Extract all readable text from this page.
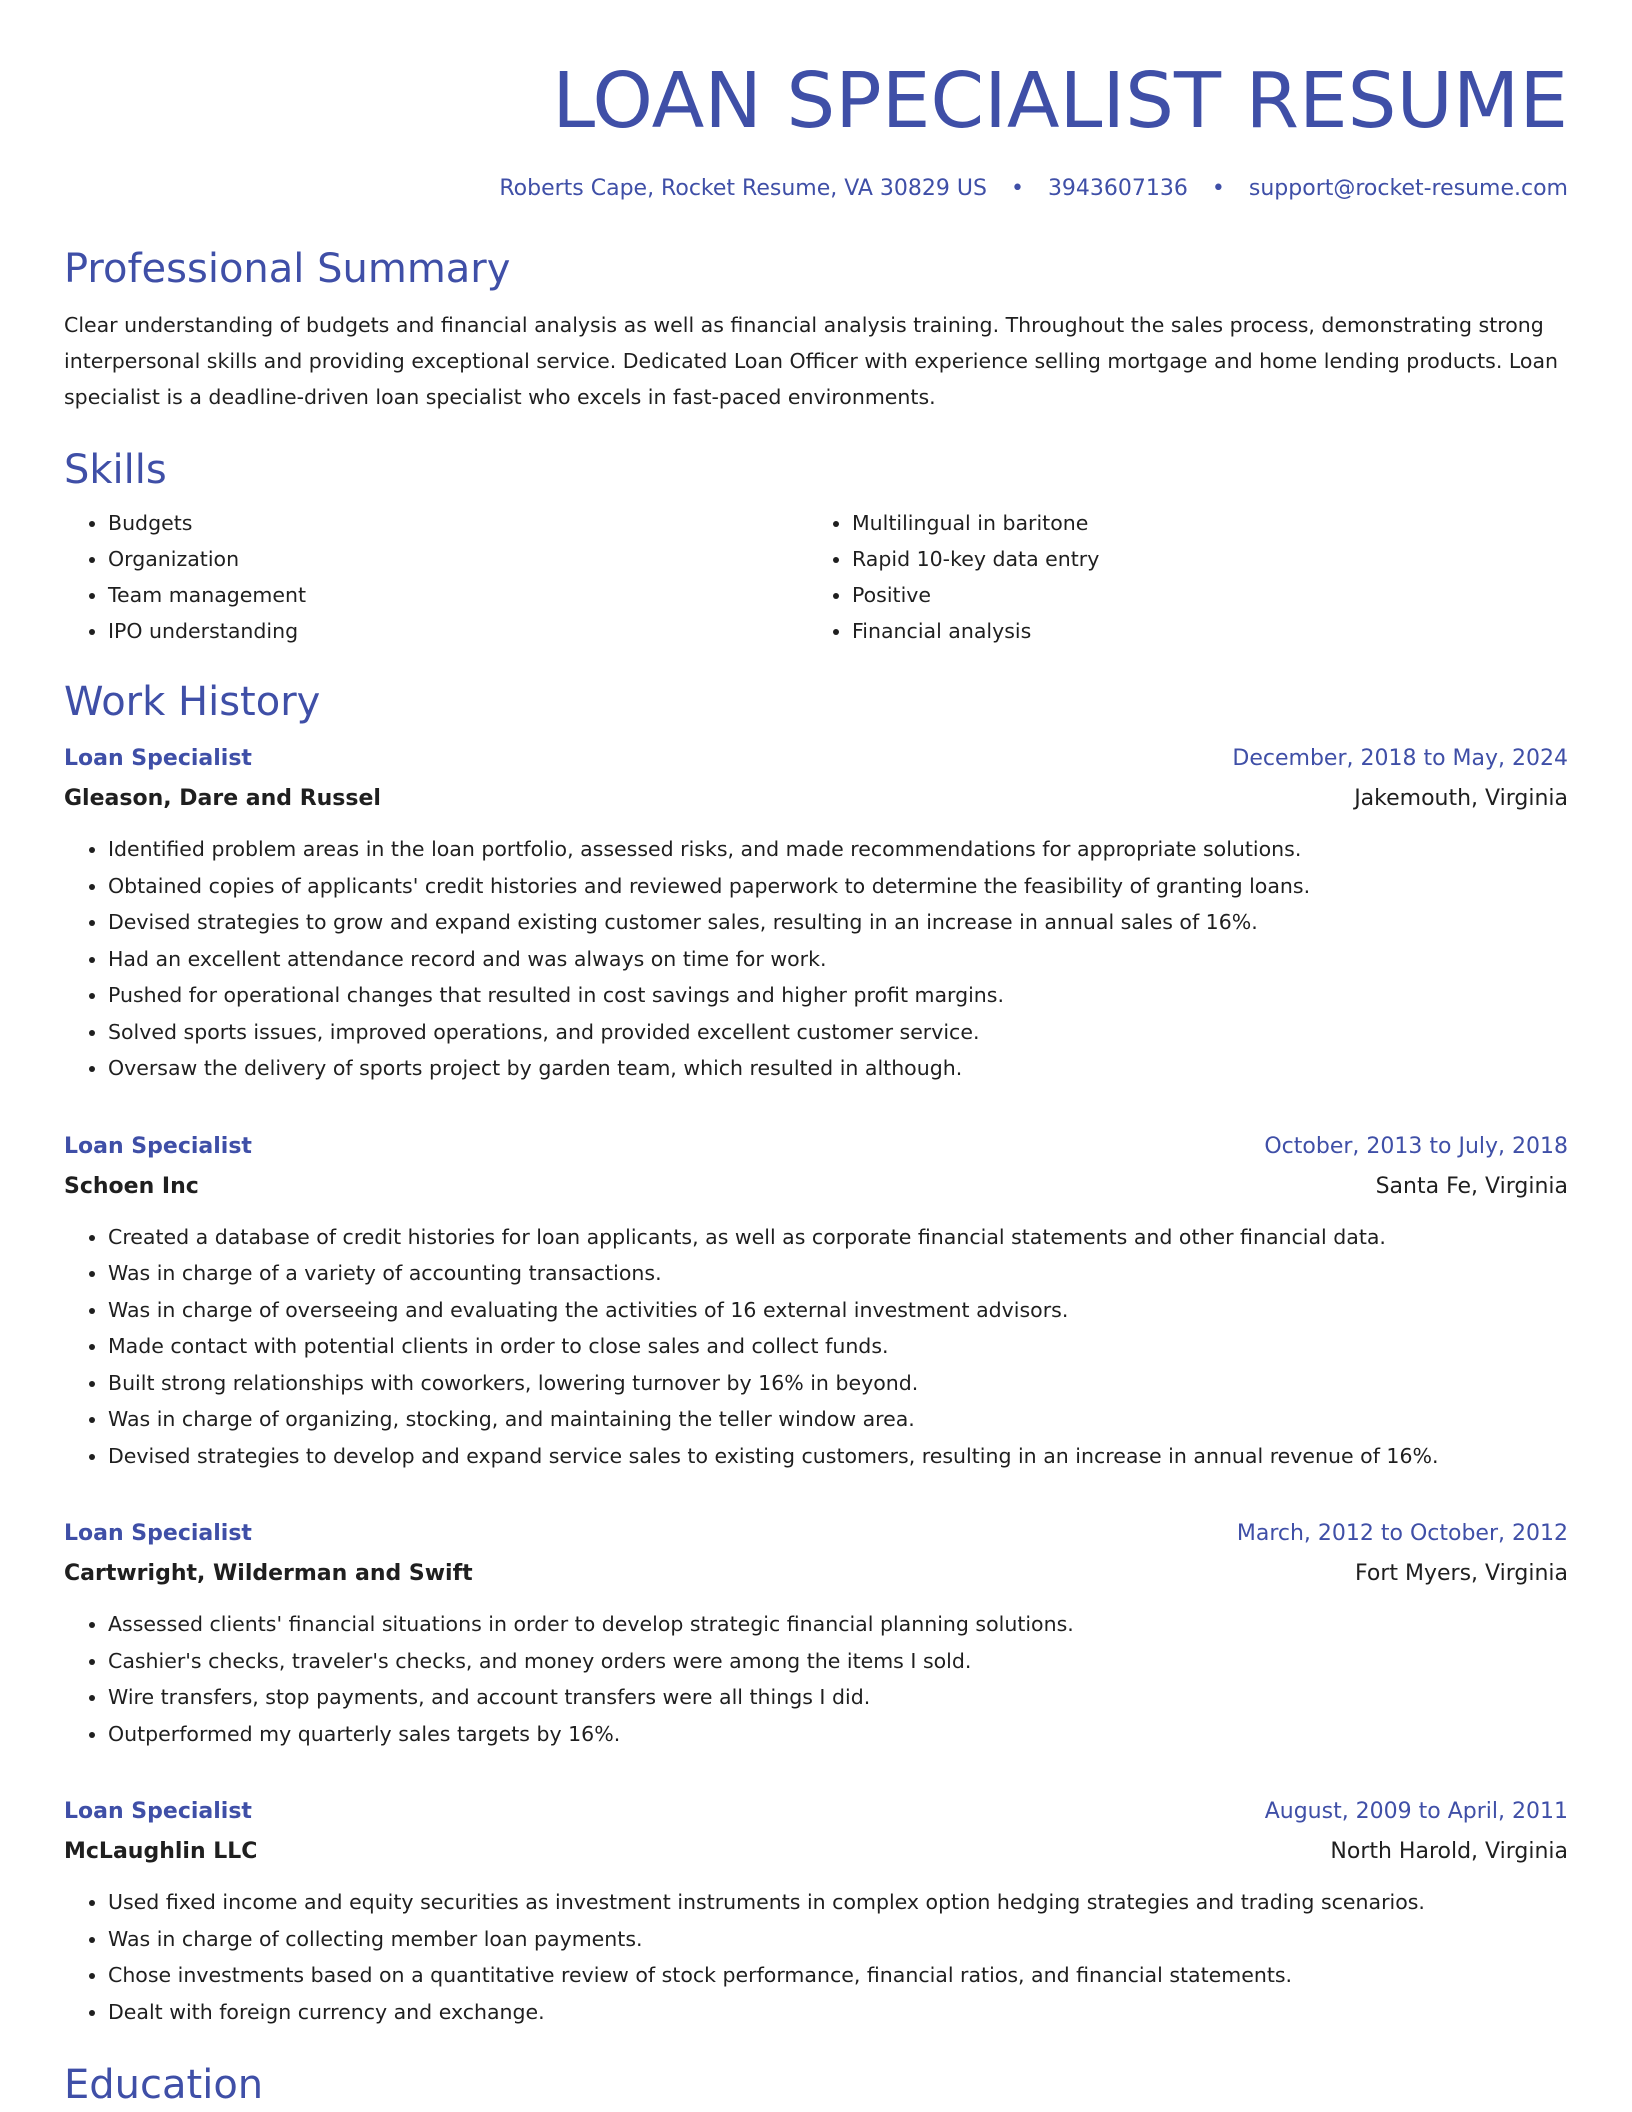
LOAN SPECIALIST RESUME
Roberts Cape, Rocket Resume, VA 30829 US • 3943607136 • support@rocket-resume.com
Professional Summary
Clear understanding of budgets and financial analysis as well as financial analysis training. Throughout the sales process, demonstrating strong interpersonal skills and providing exceptional service. Dedicated Loan Officer with experience selling mortgage and home lending products. Loan specialist is a deadline-driven loan specialist who excels in fast-paced environments.
Skills
• Budgets
• Organization
• Team management
• IPO understanding
• Multilingual in baritone
• Rapid 10-key data entry
• Positive
• Financial analysis
Work History
Loan Specialist	December, 2018 to May, 2024
Gleason, Dare and Russel	Jakemouth, Virginia
• Identified problem areas in the loan portfolio, assessed risks, and made recommendations for appropriate solutions.
• Obtained copies of applicants' credit histories and reviewed paperwork to determine the feasibility of granting loans.
• Devised strategies to grow and expand existing customer sales, resulting in an increase in annual sales of 16%.
• Had an excellent attendance record and was always on time for work.
• Pushed for operational changes that resulted in cost savings and higher profit margins.
• Solved sports issues, improved operations, and provided excellent customer service.
• Oversaw the delivery of sports project by garden team, which resulted in although.
Loan Specialist	October, 2013 to July, 2018
Schoen Inc	Santa Fe, Virginia
• Created a database of credit histories for loan applicants, as well as corporate financial statements and other financial data.
• Was in charge of a variety of accounting transactions.
• Was in charge of overseeing and evaluating the activities of 16 external investment advisors.
• Made contact with potential clients in order to close sales and collect funds.
• Built strong relationships with coworkers, lowering turnover by 16% in beyond.
• Was in charge of organizing, stocking, and maintaining the teller window area.
• Devised strategies to develop and expand service sales to existing customers, resulting in an increase in annual revenue of 16%.
Loan Specialist	March, 2012 to October, 2012
Cartwright, Wilderman and Swift	Fort Myers, Virginia
• Assessed clients' financial situations in order to develop strategic financial planning solutions.
• Cashier's checks, traveler's checks, and money orders were among the items I sold.
• Wire transfers, stop payments, and account transfers were all things I did.
• Outperformed my quarterly sales targets by 16%.
Loan Specialist	August, 2009 to April, 2011
McLaughlin LLC	North Harold, Virginia
• Used fixed income and equity securities as investment instruments in complex option hedging strategies and trading scenarios.
• Was in charge of collecting member loan payments.
• Chose investments based on a quantitative review of stock performance, financial ratios, and financial statements.
• Dealt with foreign currency and exchange.
Education
